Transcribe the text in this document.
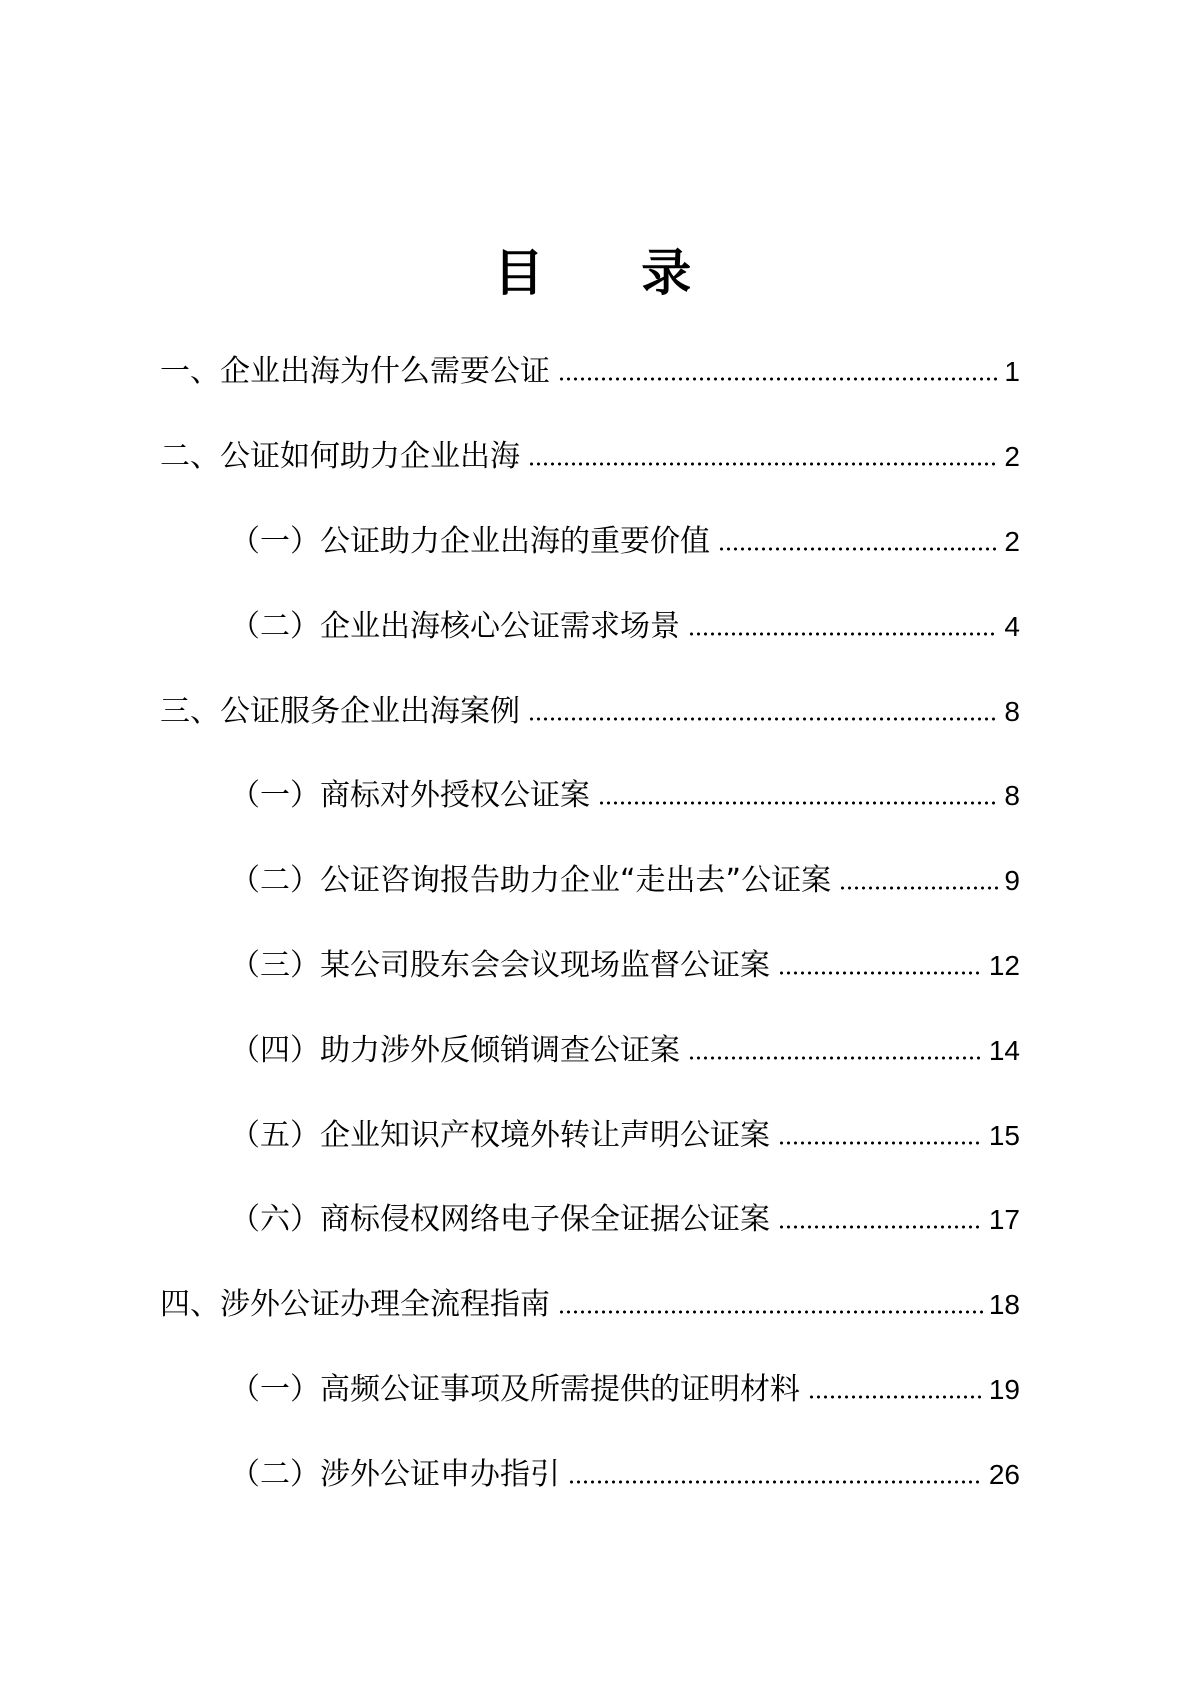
目 录
一、企业出海为什么需要公证	1
二、公证如何助力企业出海	2
（一）公证助力企业出海的重要价值	2
（二）企业出海核心公证需求场景	4
三、公证服务企业出海案例	8
（一）商标对外授权公证案	8
（二）公证咨询报告助力企业“走出去”公证案	9
（三）某公司股东会会议现场监督公证案	12
（四）助力涉外反倾销调查公证案	14
（五）企业知识产权境外转让声明公证案	15
（六）商标侵权网络电子保全证据公证案	17
四、涉外公证办理全流程指南	18
（一）高频公证事项及所需提供的证明材料	19
（二）涉外公证申办指引	26
